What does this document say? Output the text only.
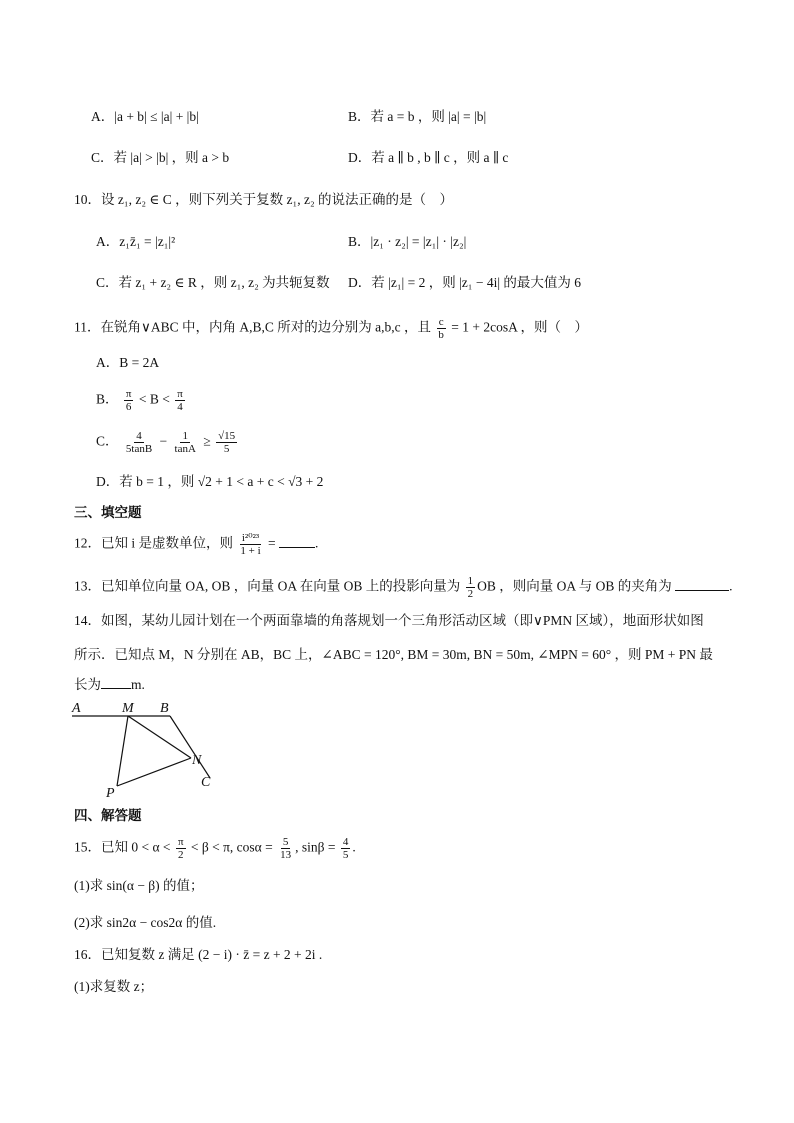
A．|a + b| ≤ |a| + |b|	B．若 a = b ，则 |a| = |b|
C．若 |a| > |b| ，则 a > b	D．若 a ∥ b , b ∥ c ，则 a ∥ c
10．设 z₁, z₂ ∈ C ，则下列关于复数 z₁, z₂ 的说法正确的是（　）
A．z₁z̄₁ = |z₁|²	B．|z₁ · z₂| = |z₁| · |z₂|
C．若 z₁ + z₂ ∈ R ，则 z₁, z₂ 为共轭复数 D．若 |z₁| = 2 ，则 |z₁ − 4i| 的最大值为 6
11．在锐角∨ABC 中，内角 A,B,C 所对的边分别为 a,b,c ，且 $\frac{c}{b} = 1 + 2\cos A$ ，则（　）
A．B = 2A
B． $\frac{\pi}{6} < B < \frac{\pi}{4}$
C． $\frac{4}{5\tan B} - \frac{1}{\tan A} \ge \frac{√15}{5}$
D．若 b = 1 ，则 √2 + 1 < a + c < √3 + 2
三、填空题
12．已知 i 是虚数单位，则 $\frac{\text{i²⁰²³}}{1 + i}$ =	.
13．已知单位向量 OA, OB ，向量 OA 在向量 OB 上的投影向量为 $\frac{1}{2}$ OB ，则向量 OA 与 OB 的夹角为	.
14．如图，某幼儿园计划在一个两面靠墙的角落规划一个三角形活动区域（即∨PMN 区域），地面形状如图
所示．已知点 M，N 分别在 AB，BC 上，∠ABC = 120°, BM = 30m, BN = 50m, ∠MPN = 60° ，则 PM + PN 最
长为 m.
A	M B
N
C
P
四、解答题
15．已知 $0 < \alpha < \frac{\pi}{2} < \beta < \pi$, $\cos\alpha = \frac{5}{13}$ , $\sin\beta = \frac{4}{5}$ .
(1)求 sin(α − β) 的值；
(2)求 sin2α − cos2α 的值.
16．已知复数 z 满足 (2 − i) · z̄ = z + 2 + 2i .
(1)求复数 z；
